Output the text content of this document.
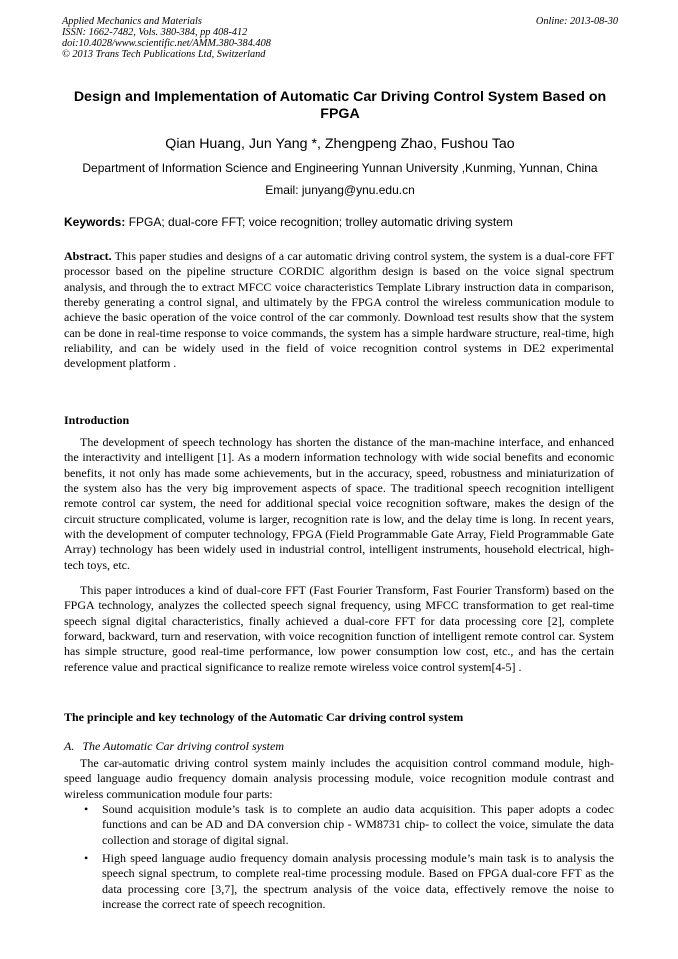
Applied Mechanics and Materials
ISSN: 1662-7482, Vols. 380-384, pp 408-412
doi:10.4028/www.scientific.net/AMM.380-384.408
© 2013 Trans Tech Publications Ltd, Switzerland
Online: 2013-08-30
Design and Implementation of Automatic Car Driving Control System Based on FPGA
Qian Huang, Jun Yang *, Zhengpeng Zhao, Fushou Tao
Department of Information Science and Engineering Yunnan University ,Kunming, Yunnan, China
Email: junyang@ynu.edu.cn
Keywords: FPGA; dual-core FFT; voice recognition; trolley automatic driving system
Abstract. This paper studies and designs of a car automatic driving control system, the system is a dual-core FFT processor based on the pipeline structure CORDIC algorithm design is based on the voice signal spectrum analysis, and through the to extract MFCC voice characteristics Template Library instruction data in comparison, thereby generating a control signal, and ultimately by the FPGA control the wireless communication module to achieve the basic operation of the voice control of the car commonly. Download test results show that the system can be done in real-time response to voice commands, the system has a simple hardware structure, real-time, high reliability, and can be widely used in the field of voice recognition control systems in DE2 experimental development platform .
Introduction
The development of speech technology has shorten the distance of the man-machine interface, and enhanced the interactivity and intelligent [1]. As a modern information technology with wide social benefits and economic benefits, it not only has made some achievements, but in the accuracy, speed, robustness and miniaturization of the system also has the very big improvement aspects of space. The traditional speech recognition intelligent remote control car system, the need for additional special voice recognition software, makes the design of the circuit structure complicated, volume is larger, recognition rate is low, and the delay time is long. In recent years, with the development of computer technology, FPGA (Field Programmable Gate Array, Field Programmable Gate Array) technology has been widely used in industrial control, intelligent instruments, household electrical, high-tech toys, etc.
This paper introduces a kind of dual-core FFT (Fast Fourier Transform, Fast Fourier Transform) based on the FPGA technology, analyzes the collected speech signal frequency, using MFCC transformation to get real-time speech signal digital characteristics, finally achieved a dual-core FFT for data processing core [2], complete forward, backward, turn and reservation, with voice recognition function of intelligent remote control car. System has simple structure, good real-time performance, low power consumption low cost, etc., and has the certain reference value and practical significance to realize remote wireless voice control system[4-5] .
The principle and key technology of the Automatic Car driving control system
A. The Automatic Car driving control system
The car-automatic driving control system mainly includes the acquisition control command module, high-speed language audio frequency domain analysis processing module, voice recognition module contrast and wireless communication module four parts:
• Sound acquisition module’s task is to complete an audio data acquisition. This paper adopts a codec functions and can be AD and DA conversion chip - WM8731 chip- to collect the voice, simulate the data collection and storage of digital signal.
• High speed language audio frequency domain analysis processing module’s main task is to analysis the speech signal spectrum, to complete real-time processing module. Based on FPGA dual-core FFT as the data processing core [3,7], the spectrum analysis of the voice data, effectively remove the noise to increase the correct rate of speech recognition.
